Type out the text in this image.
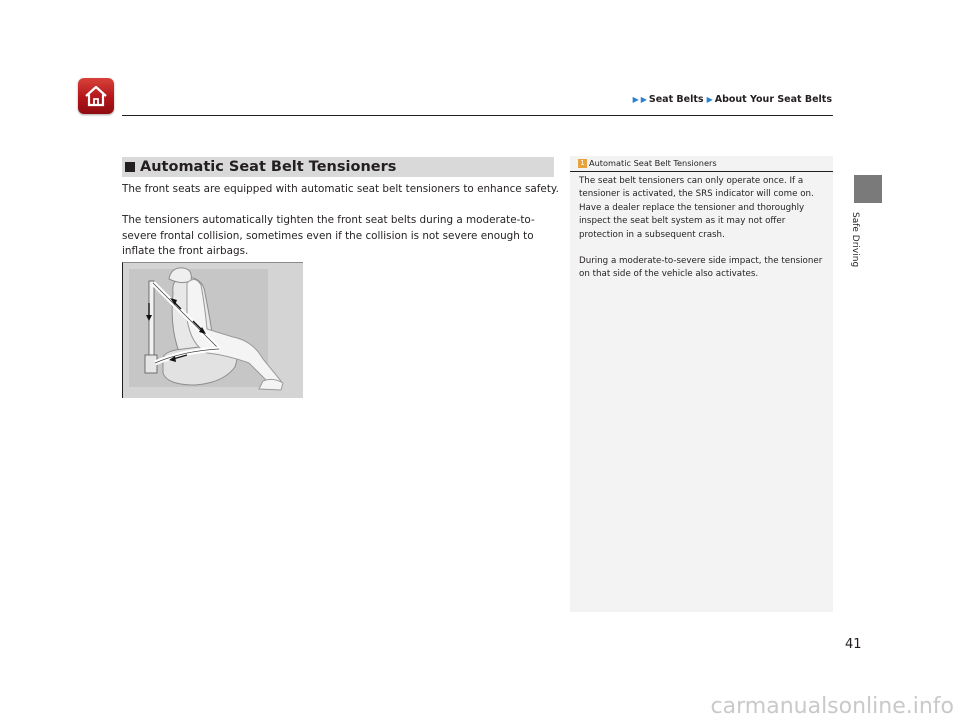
▶ ▶ Seat Belts ▶ About Your Seat Belts
Safe Driving
Automatic Seat Belt Tensioners

The front seats are equipped with automatic seat belt tensioners to enhance safety.

The tensioners automatically tighten the front seat belts during a moderate-to-severe frontal collision, sometimes even if the collision is not severe enough to inflate the front airbags.

1 Automatic Seat Belt Tensioners

The seat belt tensioners can only operate once. If a tensioner is activated, the SRS indicator will come on. Have a dealer replace the tensioner and thoroughly inspect the seat belt system as it may not offer protection in a subsequent crash.

During a moderate-to-severe side impact, the tensioner on that side of the vehicle also activates.

41
carmanualsonline.info
